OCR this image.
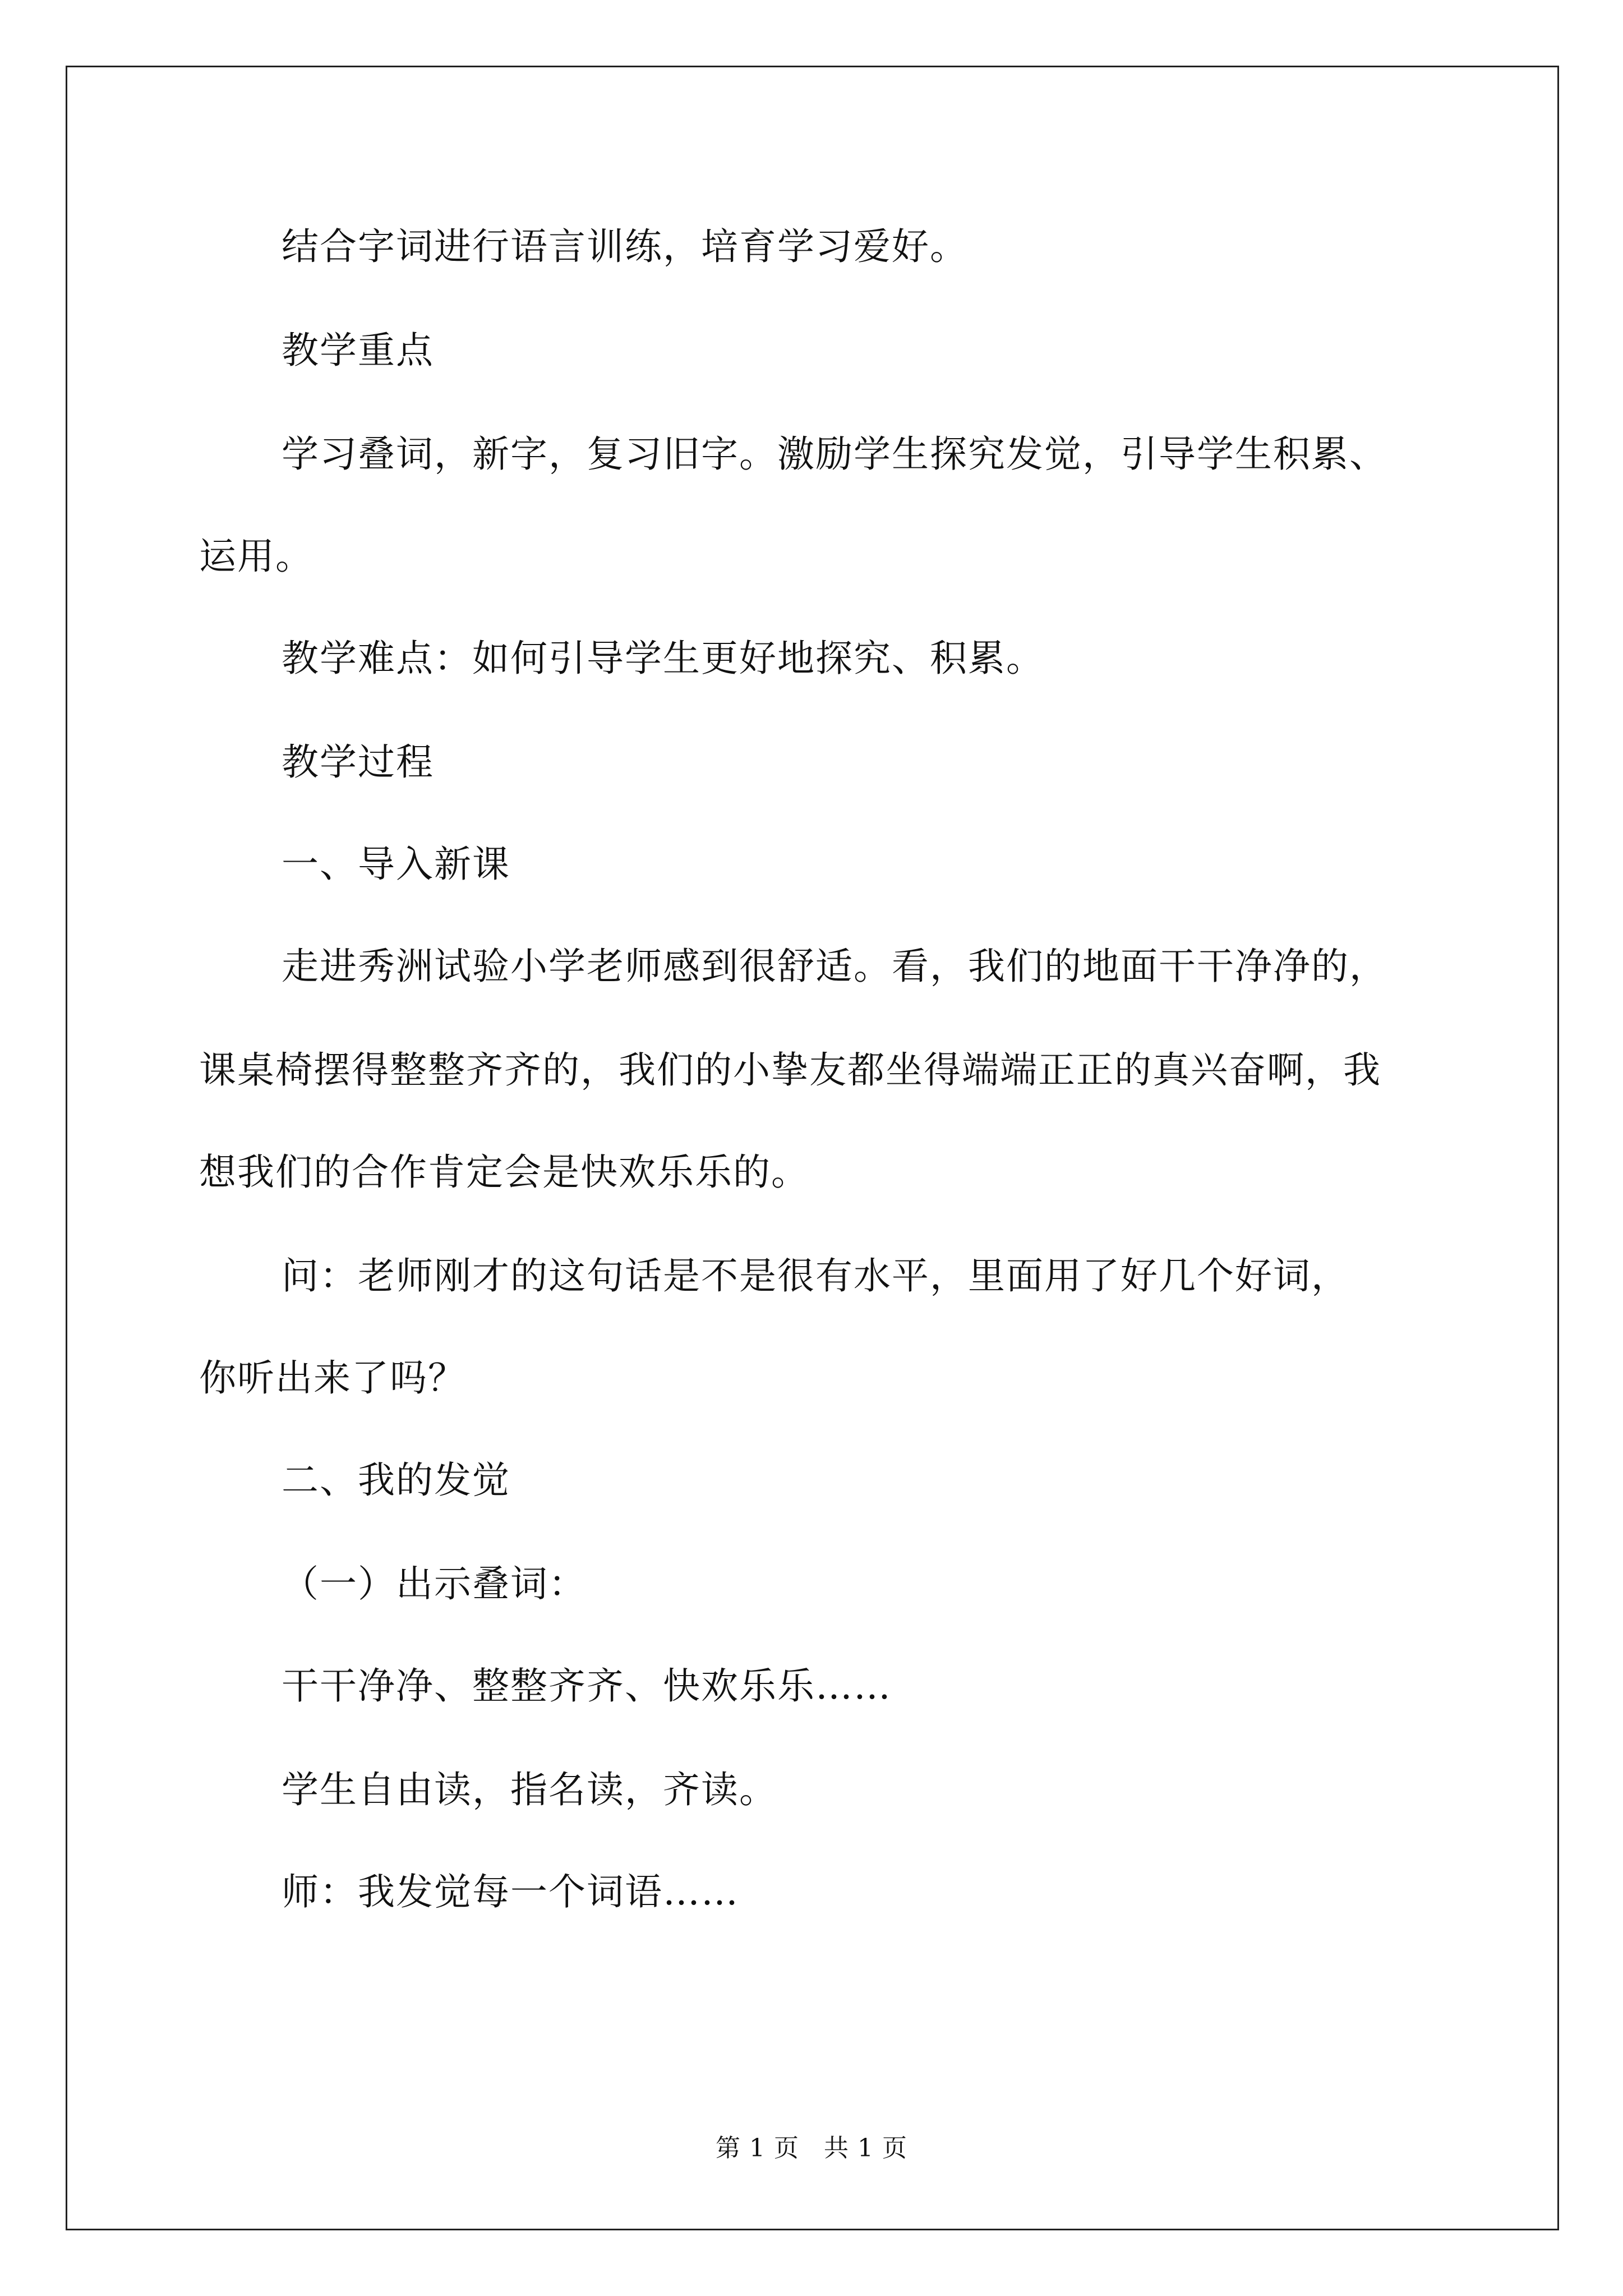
结合字词进行语言训练，培育学习爱好。
教学重点
学习叠词，新字，复习旧字。激励学生探究发觉，引导学生积累、
运用。
教学难点：如何引导学生更好地探究、积累。
教学过程
一、导入新课
走进秀洲试验小学老师感到很舒适。看，我们的地面干干净净的，
课桌椅摆得整整齐齐的，我们的小挚友都坐得端端正正的真兴奋啊，我
想我们的合作肯定会是快欢乐乐的。
问：老师刚才的这句话是不是很有水平，里面用了好几个好词，
你听出来了吗？
二、我的发觉
（一）出示叠词：
干干净净、整整齐齐、快欢乐乐……
学生自由读，指名读，齐读。
师：我发觉每一个词语……
第 1 页 共 1 页
